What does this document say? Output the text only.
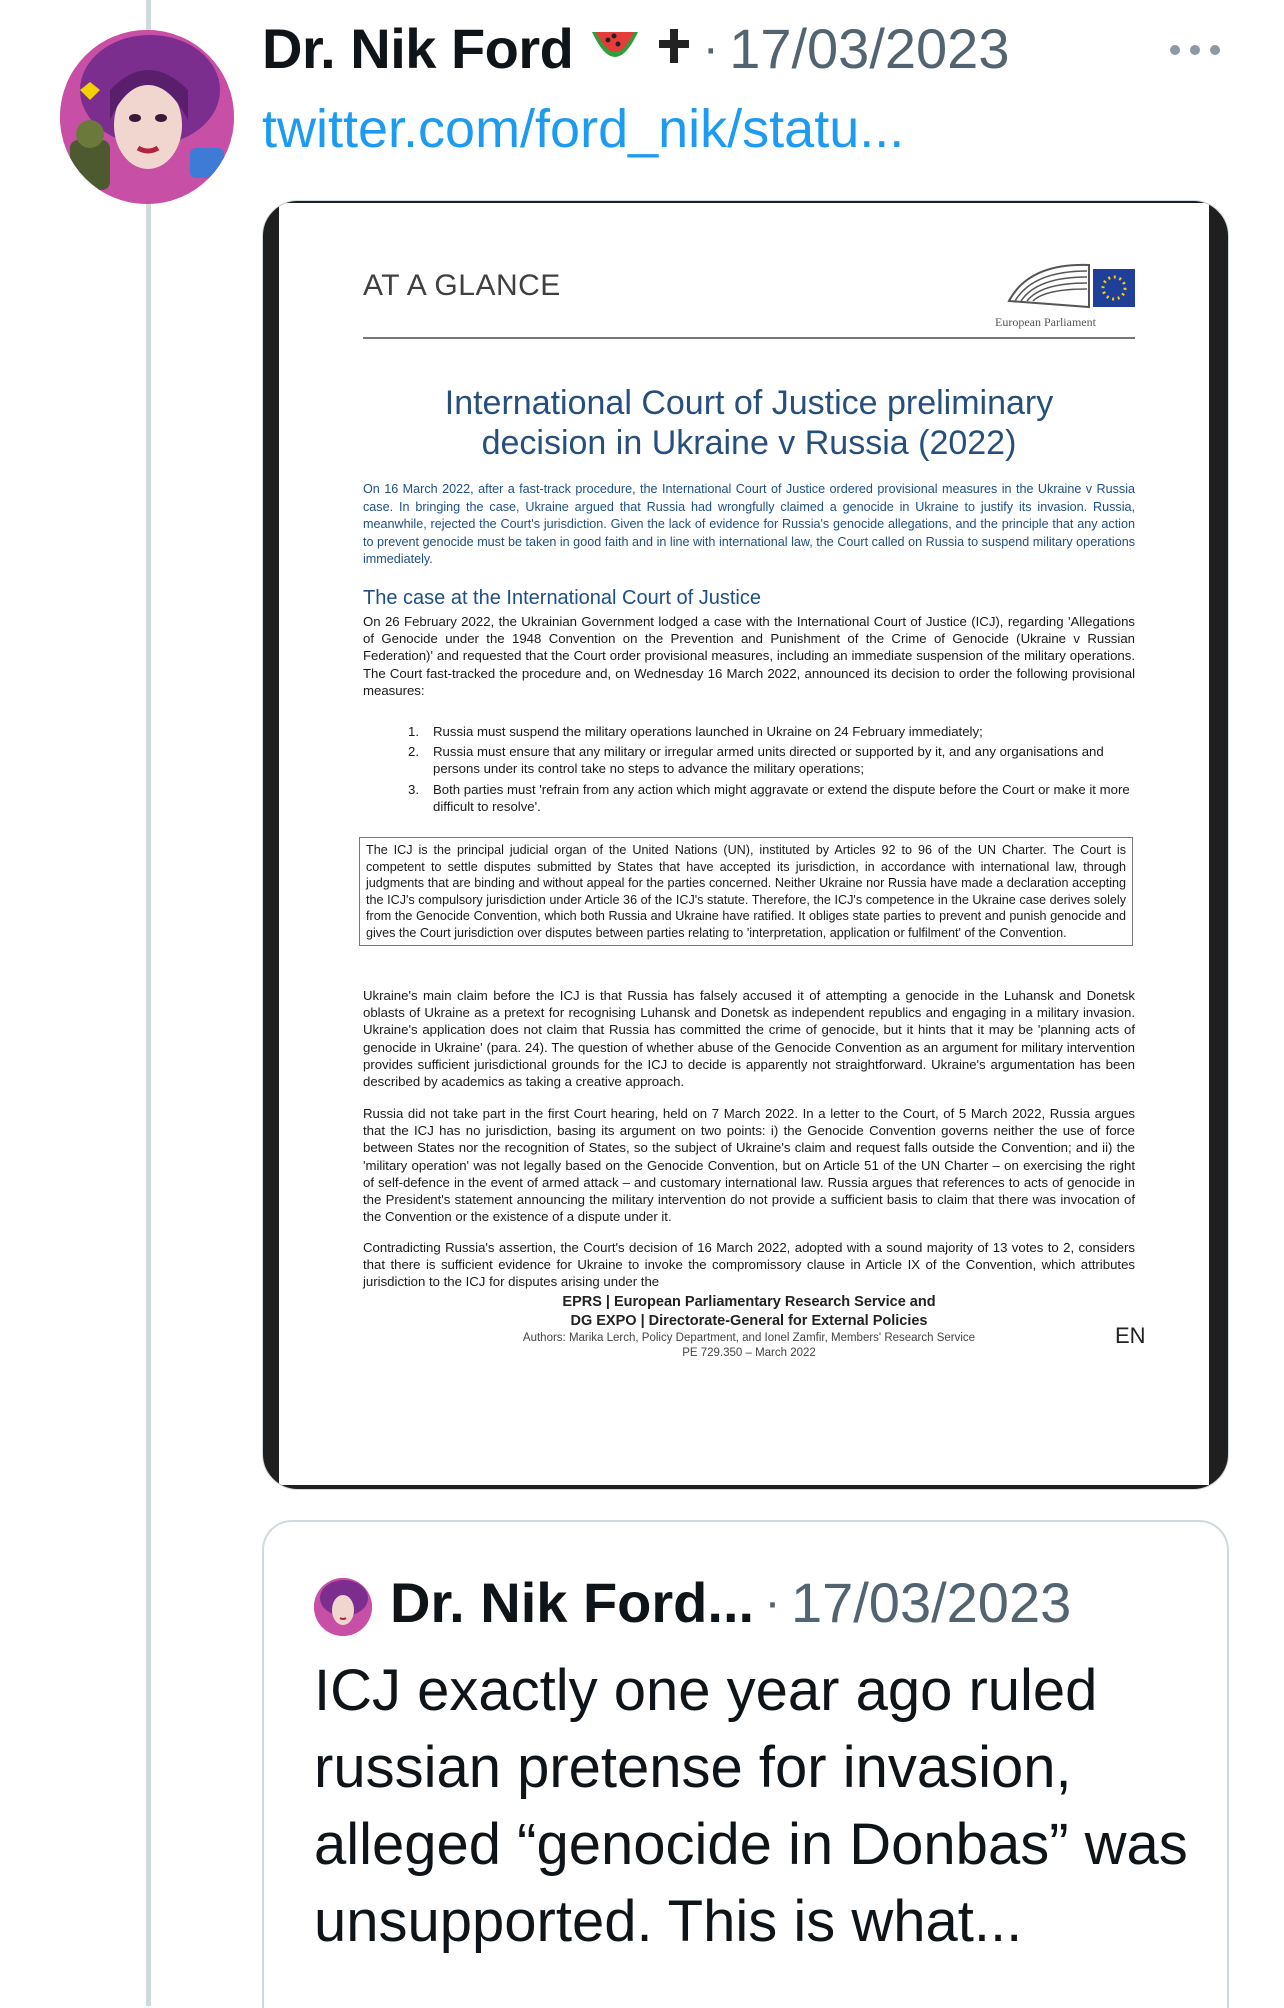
Dr. Nik Ford	· 17/03/2023
twitter.com/ford_nik/statu...
AT A GLANCE
European Parliament
International Court of Justice preliminary
decision in Ukraine v Russia (2022)
On 16 March 2022, after a fast-track procedure, the International Court of Justice ordered provisional measures in the Ukraine v Russia case. In bringing the case, Ukraine argued that Russia had wrongfully claimed a genocide in Ukraine to justify its invasion. Russia, meanwhile, rejected the Court's jurisdiction. Given the lack of evidence for Russia's genocide allegations, and the principle that any action to prevent genocide must be taken in good faith and in line with international law, the Court called on Russia to suspend military operations immediately.
The case at the International Court of Justice
On 26 February 2022, the Ukrainian Government lodged a case with the International Court of Justice (ICJ), regarding 'Allegations of Genocide under the 1948 Convention on the Prevention and Punishment of the Crime of Genocide (Ukraine v Russian Federation)' and requested that the Court order provisional measures, including an immediate suspension of the military operations. The Court fast-tracked the procedure and, on Wednesday 16 March 2022, announced its decision to order the following provisional measures:
1.	Russia must suspend the military operations launched in Ukraine on 24 February immediately;
2.	Russia must ensure that any military or irregular armed units directed or supported by it, and any organisations and persons under its control take no steps to advance the military operations;
3.	Both parties must 'refrain from any action which might aggravate or extend the dispute before the Court or make it more difficult to resolve'.
The ICJ is the principal judicial organ of the United Nations (UN), instituted by Articles 92 to 96 of the UN Charter. The Court is competent to settle disputes submitted by States that have accepted its jurisdiction, in accordance with international law, through judgments that are binding and without appeal for the parties concerned. Neither Ukraine nor Russia have made a declaration accepting the ICJ's compulsory jurisdiction under Article 36 of the ICJ's statute. Therefore, the ICJ's competence in the Ukraine case derives solely from the Genocide Convention, which both Russia and Ukraine have ratified. It obliges state parties to prevent and punish genocide and gives the Court jurisdiction over disputes between parties relating to 'interpretation, application or fulfilment' of the Convention.
Ukraine's main claim before the ICJ is that Russia has falsely accused it of attempting a genocide in the Luhansk and Donetsk oblasts of Ukraine as a pretext for recognising Luhansk and Donetsk as independent republics and engaging in a military invasion. Ukraine's application does not claim that Russia has committed the crime of genocide, but it hints that it may be 'planning acts of genocide in Ukraine' (para. 24). The question of whether abuse of the Genocide Convention as an argument for military intervention provides sufficient jurisdictional grounds for the ICJ to decide is apparently not straightforward. Ukraine's argumentation has been described by academics as taking a creative approach.
Russia did not take part in the first Court hearing, held on 7 March 2022. In a letter to the Court, of 5 March 2022, Russia argues that the ICJ has no jurisdiction, basing its argument on two points: i) the Genocide Convention governs neither the use of force between States nor the recognition of States, so the subject of Ukraine's claim and request falls outside the Convention; and ii) the 'military operation' was not legally based on the Genocide Convention, but on Article 51 of the UN Charter – on exercising the right of self-defence in the event of armed attack – and customary international law. Russia argues that references to acts of genocide in the President's statement announcing the military intervention do not provide a sufficient basis to claim that there was invocation of the Convention or the existence of a dispute under it.
Contradicting Russia's assertion, the Court's decision of 16 March 2022, adopted with a sound majority of 13 votes to 2, considers that there is sufficient evidence for Ukraine to invoke the compromissory clause in Article IX of the Convention, which attributes jurisdiction to the ICJ for disputes arising under the
EPRS | European Parliamentary Research Service and
DG EXPO | Directorate-General for External Policies
Authors: Marika Lerch, Policy Department, and Ionel Zamfir, Members' Research Service
PE 729.350 – March 2022
EN
Dr. Nik Ford... · 17/03/2023
ICJ exactly one year ago ruled russian pretense for invasion, alleged “genocide in Donbas” was unsupported. This is what...
